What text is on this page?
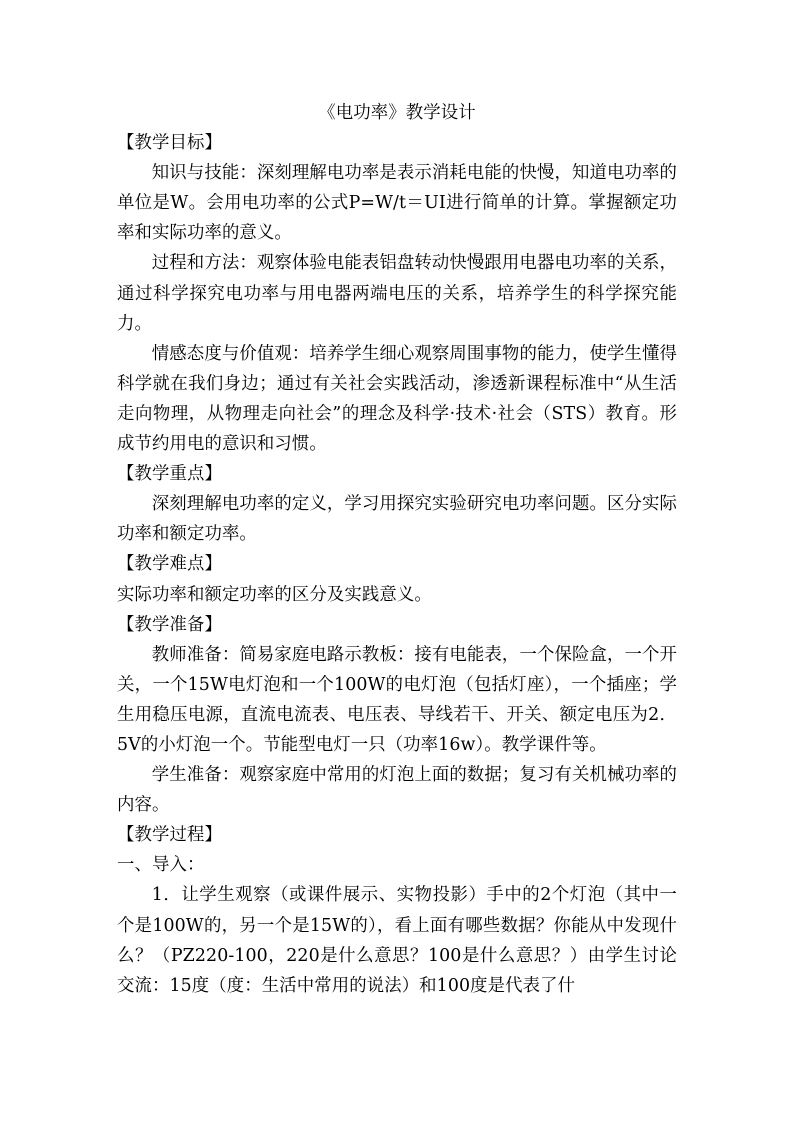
《电功率》教学设计
【教学目标】

知识与技能：深刻理解电功率是表示消耗电能的快慢，知道电功率的单位是W。会用电功率的公式P=W/t＝UI进行简单的计算。掌握额定功率和实际功率的意义。

过程和方法：观察体验电能表铝盘转动快慢跟用电器电功率的关系，通过科学探究电功率与用电器两端电压的关系，培养学生的科学探究能力。

情感态度与价值观：培养学生细心观察周围事物的能力，使学生懂得科学就在我们身边；通过有关社会实践活动，渗透新课程标准中“从生活走向物理，从物理走向社会”的理念及科学·技术·社会（STS）教育。形成节约用电的意识和习惯。

【教学重点】

深刻理解电功率的定义，学习用探究实验研究电功率问题。区分实际功率和额定功率。

【教学难点】

实际功率和额定功率的区分及实践意义。

【教学准备】

教师准备：简易家庭电路示教板：接有电能表，一个保险盒，一个开关，一个15W电灯泡和一个100W的电灯泡（包括灯座），一个插座；学生用稳压电源，直流电流表、电压表、导线若干、开关、额定电压为2．5V的小灯泡一个。节能型电灯一只（功率16w）。教学课件等。

学生准备：观察家庭中常用的灯泡上面的数据；复习有关机械功率的内容。

【教学过程】

一、导入：

1．让学生观察（或课件展示、实物投影）手中的2个灯泡（其中一个是100W的，另一个是15W的），看上面有哪些数据？你能从中发现什么？（PZ220-100，220是什么意思？100是什么意思？）由学生讨论交流：15度（度：生活中常用的说法）和100度是代表了什
